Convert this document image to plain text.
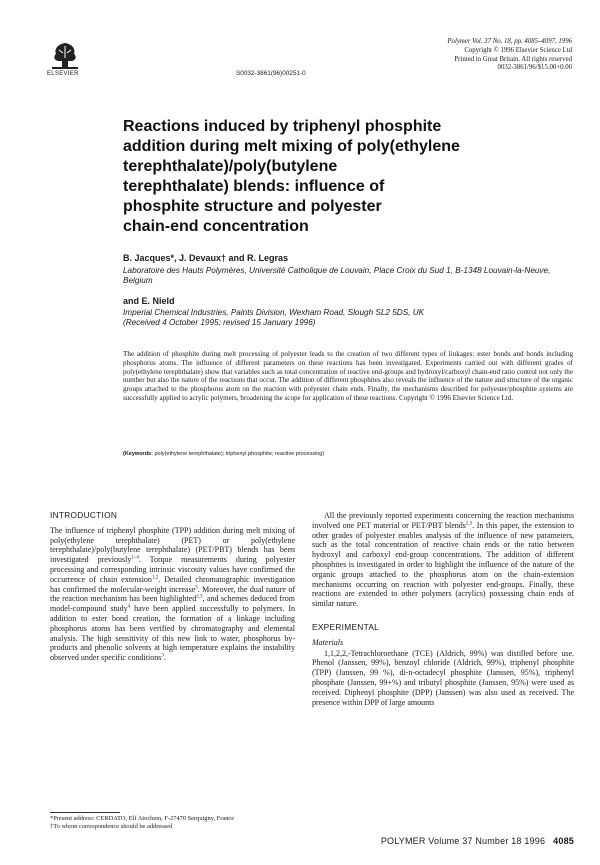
ELSEVIER	S0032-3861(96)00251-0
Polymer Vol. 37 No. 18, pp. 4085–4097, 1996
Copyright © 1996 Elsevier Science Ltd
Printed in Great Britain. All rights reserved
0032-3861/96/$15.00+0.00
Reactions induced by triphenyl phosphite
addition during melt mixing of poly(ethylene
terephthalate)/poly(butylene
terephthalate) blends: influence of
phosphite structure and polyester
chain-end concentration
B. Jacques*, J. Devaux† and R. Legras
Laboratoire des Hauts Polymères, Université Catholique de Louvain, Place Croix du Sud 1, B-1348 Louvain-la-Neuve, Belgium
and E. Nield
Imperial Chemical Industries, Paints Division, Wexham Road, Slough SL2 5DS, UK
(Received 4 October 1995; revised 15 January 1996)
The addition of phosphite during melt processing of polyester leads to the creation of two different types of linkages: ester bonds and bonds including phosphorus atoms. The influence of different parameters on these reactions has been investigated. Experiments carried out with different grades of poly(ethylene terephthalate) show that variables such as total concentration of reactive end-groups and hydroxyl/carboxyl chain-end ratio control not only the number but also the nature of the reactions that occur. The addition of different phosphites also reveals the influence of the nature and structure of the organic groups attached to the phosphorus atom on the reaction with polyester chain ends. Finally, the mechanisms described for polyester/phosphite systems are successfully applied to acrylic polymers, broadening the scope for application of these reactions. Copyright © 1996 Elsevier Science Ltd.
(Keywords: poly(ethylene terephthalate); triphenyl phosphite; reactive processing)
INTRODUCTION

The influence of triphenyl phosphite (TPP) addition during melt mixing of poly(ethylene terephthalate) (PET) or poly(ethylene terephthalate)/poly(butylene terephthalate) (PET/PBT) blends has been investigated previously$^{1-4}$. Torque measurements during polyester processing and corresponding intrinsic viscosity values have confirmed the occurrence of chain extension$^{1,2}$. Detailed chromatographic investigation has confirmed the molecular-weight increase$^3$. Moreover, the dual nature of the reaction mechanism has been highlighted$^{2,3}$, and schemes deduced from model-compound study$^4$ have been applied successfully to polymers. In addition to ester bond creation, the formation of a linkage including phosphorus atoms has been verified by chromatography and elemental analysis. The high sensitivity of this new link to water, phosphorus by-products and phenolic solvents at high temperature explains the instability observed under specific conditions$^3$.

*Present address: CERDATO, Elf Atochem, F-27470 Serquigny, France
†To whom correspondence should be addressed

All the previously reported experiments concerning the reaction mechanisms involved one PET material or PET/PBT blends$^{2,3}$. In this paper, the extension to other grades of polyester enables analysis of the influence of new parameters, such as the total concentration of reactive chain ends or the ratio between hydroxyl and carboxyl end-group concentrations. The addition of different phosphites is investigated in order to highlight the influence of the nature of the organic groups attached to the phosphorus atom on the chain-extension mechanisms occurring on reaction with polyester end-groups. Finally, these reactions are extended to other polymers (acrylics) possessing chain ends of similar nature.

EXPERIMENTAL
Materials

1,1,2,2,-Tetrachloroethane (TCE) (Aldrich, 99%) was distilled before use. Phenol (Janssen, 99%), benzoyl chloride (Aldrich, 99%), triphenyl phosphite (TPP) (Janssen, 99 %), di-n-octadecyl phosphite (Janssen, 95%), triphenyl phosphate (Janssen, 99+%) and tributyl phosphite (Janssen, 95%) were used as received. Diphenyl phosphite (DPP) (Janssen) was also used as received. The presence within DPP of large amounts

POLYMER Volume 37 Number 18 1996 4085
